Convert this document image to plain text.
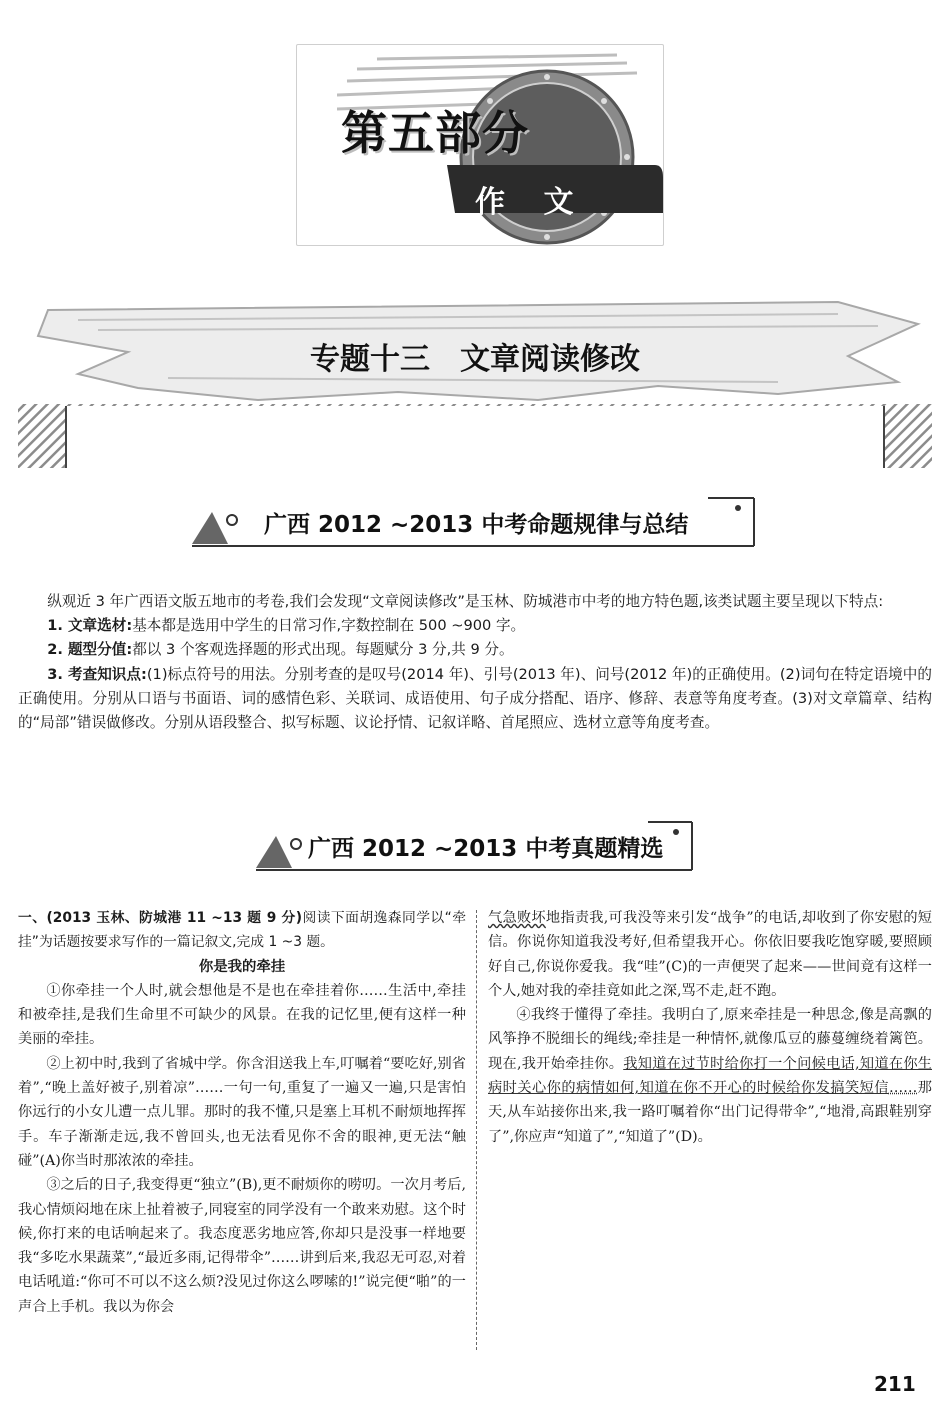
第五部分
作 文
专题十三　文章阅读修改
广西 2012 ~2013 中考命题规律与总结

纵观近 3 年广西语文版五地市的考卷,我们会发现“文章阅读修改”是玉林、防城港市中考的地方特色题,该类试题主要呈现以下特点:

1. 文章选材:基本都是选用中学生的日常习作,字数控制在 500 ~900 字。

2. 题型分值:都以 3 个客观选择题的形式出现。每题赋分 3 分,共 9 分。

3. 考查知识点:(1)标点符号的用法。分别考查的是叹号(2014 年)、引号(2013 年)、问号(2012 年)的正确使用。(2)词句在特定语境中的正确使用。分别从口语与书面语、词的感情色彩、关联词、成语使用、句子成分搭配、语序、修辞、表意等角度考查。(3)对文章篇章、结构的“局部”错误做修改。分别从语段整合、拟写标题、议论抒情、记叙详略、首尾照应、选材立意等角度考查。

广西 2012 ~2013 中考真题精选

一、(2013 玉林、防城港 11 ~13 题 9 分)阅读下面胡逸森同学以“牵挂”为话题按要求写作的一篇记叙文,完成 1 ~3 题。

你是我的牵挂

①你牵挂一个人时,就会想他是不是也在牵挂着你……生活中,牵挂和被牵挂,是我们生命里不可缺少的风景。在我的记忆里,便有这样一种美丽的牵挂。

②上初中时,我到了省城中学。你含泪送我上车,叮嘱着“要吃好,别省着”,“晚上盖好被子,别着凉”……一句一句,重复了一遍又一遍,只是害怕你远行的小女儿遭一点儿罪。那时的我不懂,只是塞上耳机不耐烦地挥挥手。车子渐渐走远,我不曾回头,也无法看见你不舍的眼神,更无法“触碰”(A)你当时那浓浓的牵挂。

③之后的日子,我变得更“独立”(B),更不耐烦你的唠叨。一次月考后,我心情烦闷地在床上扯着被子,同寝室的同学没有一个敢来劝慰。这个时候,你打来的电话响起来了。我态度恶劣地应答,你却只是没事一样地要我“多吃水果蔬菜”,“最近多雨,记得带伞”……讲到后来,我忍无可忍,对着电话吼道:“你可不可以不这么烦?没见过你这么啰嗦的!”说完便“啪”的一声合上手机。我以为你会

气急败坏地指责我,可我没等来引发“战争”的电话,却收到了你安慰的短信。你说你知道我没考好,但希望我开心。你依旧要我吃饱穿暖,要照顾好自己,你说你爱我。我“哇”(C)的一声便哭了起来——世间竟有这样一个人,她对我的牵挂竟如此之深,骂不走,赶不跑。

④我终于懂得了牵挂。我明白了,原来牵挂是一种思念,像是高飘的风筝挣不脱细长的绳线;牵挂是一种情怀,就像瓜豆的藤蔓缠绕着篱笆。现在,我开始牵挂你。我知道在过节时给你打一个问候电话,知道在你生病时关心你的病情如何,知道在你不开心的时候给你发搞笑短信……那天,从车站接你出来,我一路叮嘱着你“出门记得带伞”,“地滑,高跟鞋别穿了”,你应声“知道了”,“知道了”(D)。

211
